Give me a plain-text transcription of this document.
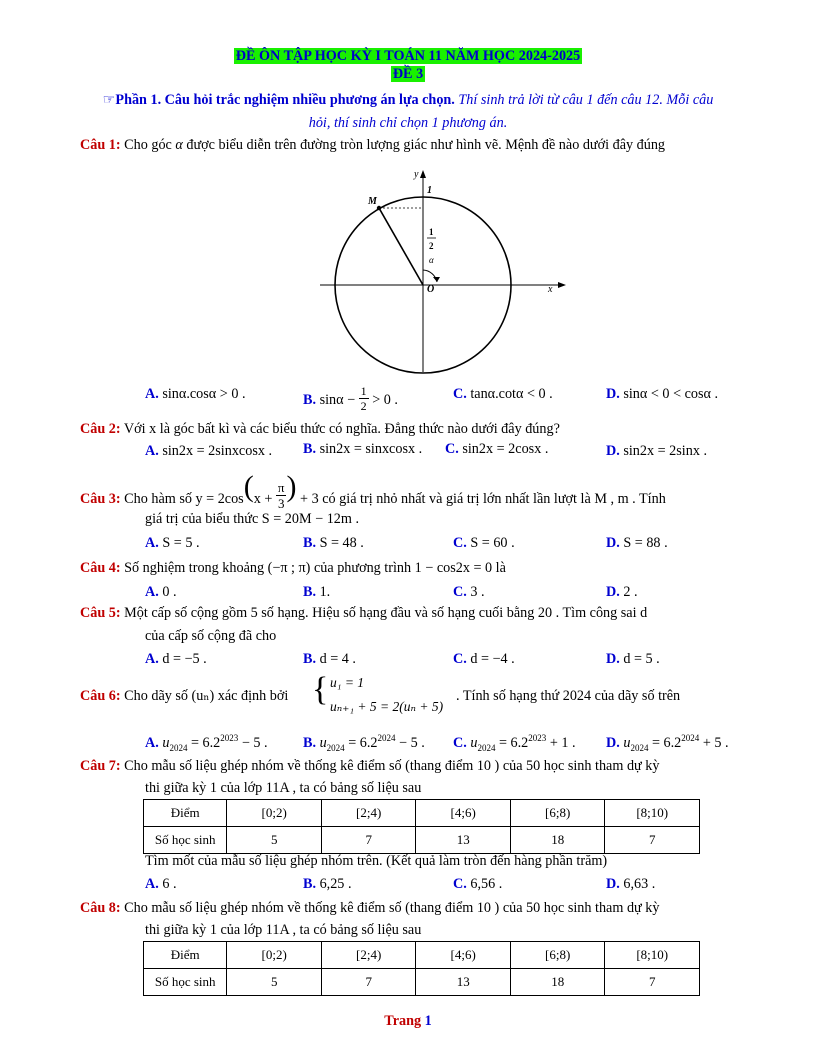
ĐỀ ÔN TẬP HỌC KỲ I TOÁN 11 NĂM HỌC 2024-2025
ĐỀ 3
☞Phần 1. Câu hỏi trắc nghiệm nhiều phương án lựa chọn. Thí sinh trả lời từ câu 1 đến câu 12. Mỗi câu
hỏi, thí sinh chỉ chọn 1 phương án.
Câu 1: Cho góc α được biểu diễn trên đường tròn lượng giác như hình vẽ. Mệnh đề nào dưới đây đúng
y
1
M
1
2
α
O	x
A. sinα.cosα > 0 .	B. $\sin\alpha - \frac{1}{2} > 0$ .	C. tanα.cotα < 0 .	D. sinα < 0 < cosα .
Câu 2: Với x là góc bất kì và các biểu thức có nghĩa. Đẳng thức nào dưới đây đúng?
A. sin2x = 2sinxcosx . B. sin2x = sinxcosx . C. sin2x = 2cosx .	D. sin2x = 2sinx .
Câu 3: Cho hàm số $y = 2\cos(x + \frac{\pi}{3}$ ) + 3 có giá trị nhỏ nhất và giá trị lớn nhất lần lượt là M , m . Tính
giá trị của biểu thức S = 20M − 12m .
A. S = 5 .	B. S = 48 .	C. S = 60 .	D. S = 88 .
Câu 4: Số nghiệm trong khoảng (−π ; π) của phương trình 1 − cos2x = 0 là
A. 0 .	B. 1.	C. 3 .	D. 2 .
Câu 5: Một cấp số cộng gồm 5 số hạng. Hiệu số hạng đầu và số hạng cuối bằng 20 . Tìm công sai d
của cấp số cộng đã cho
A. d = −5 .	B. d = 4 .	C. d = −4 .	D. d = 5 .
Câu 6: Cho dãy số (uₙ) xác định bởi { u₁ = 1
uₙ₊₁ + 5 = 2(uₙ + 5)
. Tính số hạng thứ 2024 của dãy số trên
A. $u_{2024} = 6.2^{2023} - 5$ . B. $u_{2024} = 6.2^{2024} - 5$ . C. $u_{2024} = 6.2^{2023} + 1$ . D. $u_{2024} = 6.2^{2024} + 5$ .
Câu 7: Cho mẫu số liệu ghép nhóm về thống kê điểm số (thang điểm 10 ) của 50 học sinh tham dự kỳ
thi giữa kỳ 1 của lớp 11A , ta có bảng số liệu sau
Điểm	[0;2)	[2;4)	[4;6)	[6;8)	[8;10)
Số học sinh	5	7	13	18	7
Tìm mốt của mẫu số liệu ghép nhóm trên. (Kết quả làm tròn đến hàng phần trăm)
A. 6 .	B. 6,25 .	C. 6,56 .	D. 6,63 .
Câu 8: Cho mẫu số liệu ghép nhóm về thống kê điểm số (thang điểm 10 ) của 50 học sinh tham dự kỳ
thi giữa kỳ 1 của lớp 11A , ta có bảng số liệu sau
Điểm	[0;2)	[2;4)	[4;6)	[6;8)	[8;10)
Số học sinh	5	7	13	18	7
Trang 1
